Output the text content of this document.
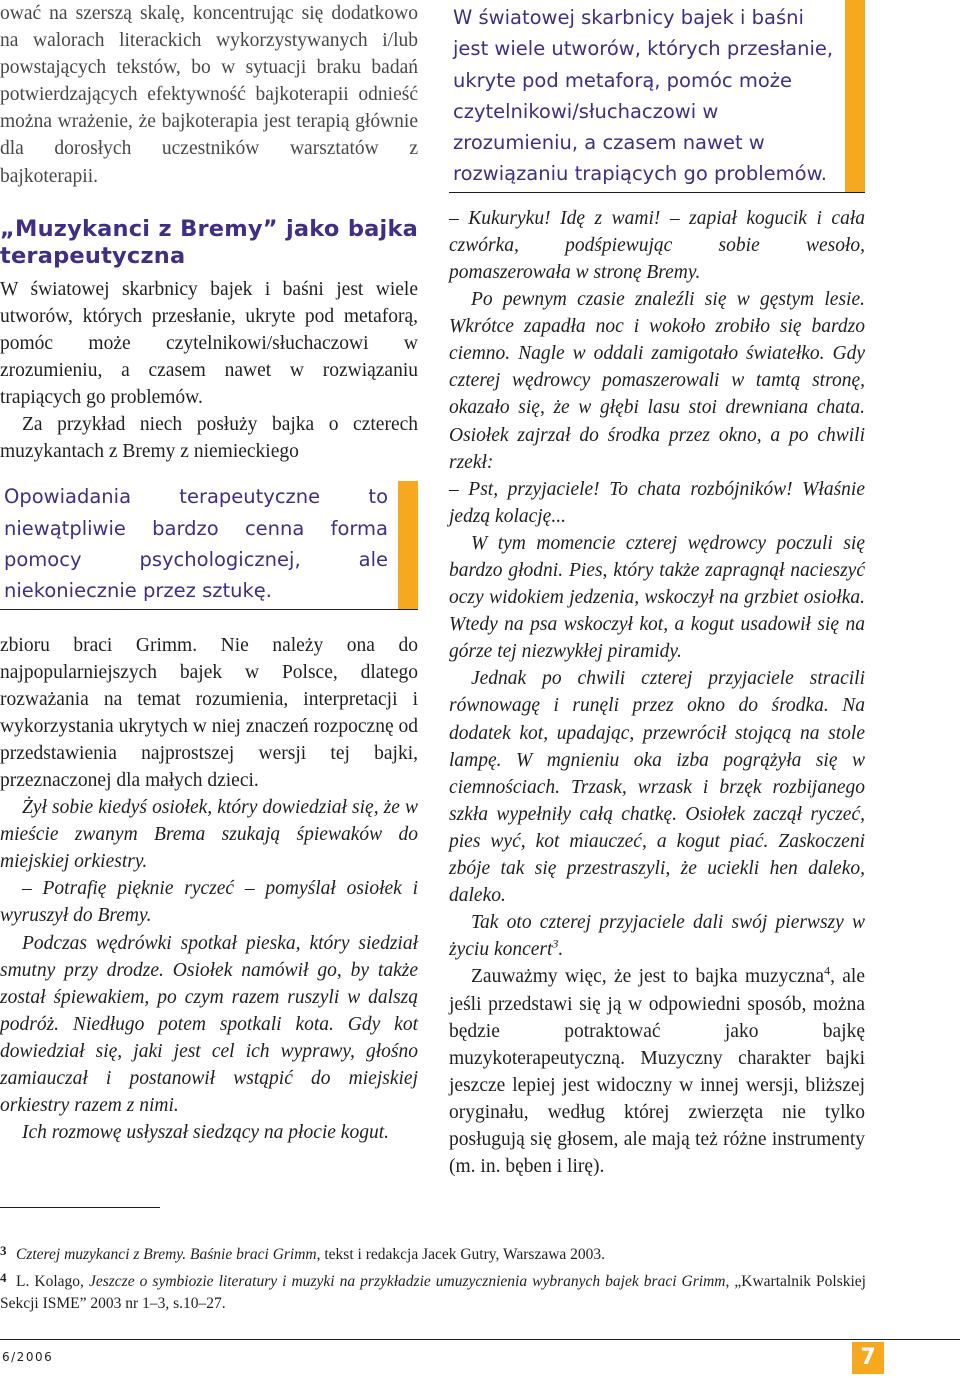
ować na szerszą skalę, koncentrując się dodatkowo na walorach literackich wykorzystywanych i/lub powstających tekstów, bo w sytuacji braku badań potwierdzających efektywność bajkoterapii odnieść można wrażenie, że bajkoterapia jest terapią głównie dla dorosłych uczestników warsztatów z bajkoterapii.

„Muzykanci z Bremy” jako bajka terapeutyczna

W światowej skarbnicy bajek i baśni jest wiele utworów, których przesłanie, ukryte pod metaforą, pomóc może czytelnikowi/słuchaczowi w zrozumieniu, a czasem nawet w rozwiązaniu trapiących go problemów.

Za przykład niech posłuży bajka o czterech muzykantach z Bremy z niemieckiego

Opowiadania terapeutyczne to niewątpliwie bardzo cenna forma pomocy psychologicznej, ale niekoniecznie przez sztukę.

zbioru braci Grimm. Nie należy ona do najpopularniejszych bajek w Polsce, dlatego rozważania na temat rozumienia, interpretacji i wykorzystania ukrytych w niej znaczeń rozpocznę od przedstawienia najprostszej wersji tej bajki, przeznaczonej dla małych dzieci.

Żył sobie kiedyś osiołek, który dowiedział się, że w mieście zwanym Brema szukają śpiewaków do miejskiej orkiestry.

– Potrafię pięknie ryczeć – pomyślał osiołek i wyruszył do Bremy.

Podczas wędrówki spotkał pieska, który siedział smutny przy drodze. Osiołek namówił go, by także został śpiewakiem, po czym razem ruszyli w dalszą podróż. Niedługo potem spotkali kota. Gdy kot dowiedział się, jaki jest cel ich wyprawy, głośno zamiauczał i postanowił wstąpić do miejskiej orkiestry razem z nimi.

Ich rozmowę usłyszał siedzący na płocie kogut.

W światowej skarbnicy bajek i baśni jest wiele utworów, których przesłanie, ukryte pod metaforą, pomóc może czytelnikowi/słuchaczowi w zrozumieniu, a czasem nawet w rozwiązaniu trapiących go problemów.

– Kukuryku! Idę z wami! – zapiał kogucik i cała czwórka, podśpiewując sobie wesoło, pomaszerowała w stronę Bremy.

Po pewnym czasie znaleźli się w gęstym lesie. Wkrótce zapadła noc i wokoło zrobiło się bardzo ciemno. Nagle w oddali zamigotało światełko. Gdy czterej wędrowcy pomaszerowali w tamtą stronę, okazało się, że w głębi lasu stoi drewniana chata. Osiołek zajrzał do środka przez okno, a po chwili rzekł:

– Pst, przyjaciele! To chata rozbójników! Właśnie jedzą kolację...

W tym momencie czterej wędrowcy poczuli się bardzo głodni. Pies, który także zapragnął nacieszyć oczy widokiem jedzenia, wskoczył na grzbiet osiołka. Wtedy na psa wskoczył kot, a kogut usadowił się na górze tej niezwykłej piramidy.

Jednak po chwili czterej przyjaciele stracili równowagę i runęli przez okno do środka. Na dodatek kot, upadając, przewrócił stojącą na stole lampę. W mgnieniu oka izba pogrążyła się w ciemnościach. Trzask, wrzask i brzęk rozbijanego szkła wypełniły całą chatkę. Osiołek zaczął ryczeć, pies wyć, kot miauczeć, a kogut piać. Zaskoczeni zbóje tak się przestraszyli, że uciekli hen daleko, daleko.

Tak oto czterej przyjaciele dali swój pierwszy w życiu koncert$^3$.

Zauważmy więc, że jest to bajka muzyczna$^4$, ale jeśli przedstawi się ją w odpowiedni sposób, można będzie potraktować jako bajkę muzykoterapeutyczną. Muzyczny charakter bajki jeszcze lepiej jest widoczny w innej wersji, bliższej oryginału, według której zwierzęta nie tylko posługują się głosem, ale mają też różne instrumenty (m. in. bęben i lirę).

3 Czterej muzykanci z Bremy. Baśnie braci Grimm, tekst i redakcja Jacek Gutry, Warszawa 2003.

4 L. Kolago, Jeszcze o symbiozie literatury i muzyki na przykładzie umuzycznienia wybranych bajek braci Grimm, „Kwartalnik Polskiej Sekcji ISME” 2003 nr 1–3, s.10–27.

6/2006	7
